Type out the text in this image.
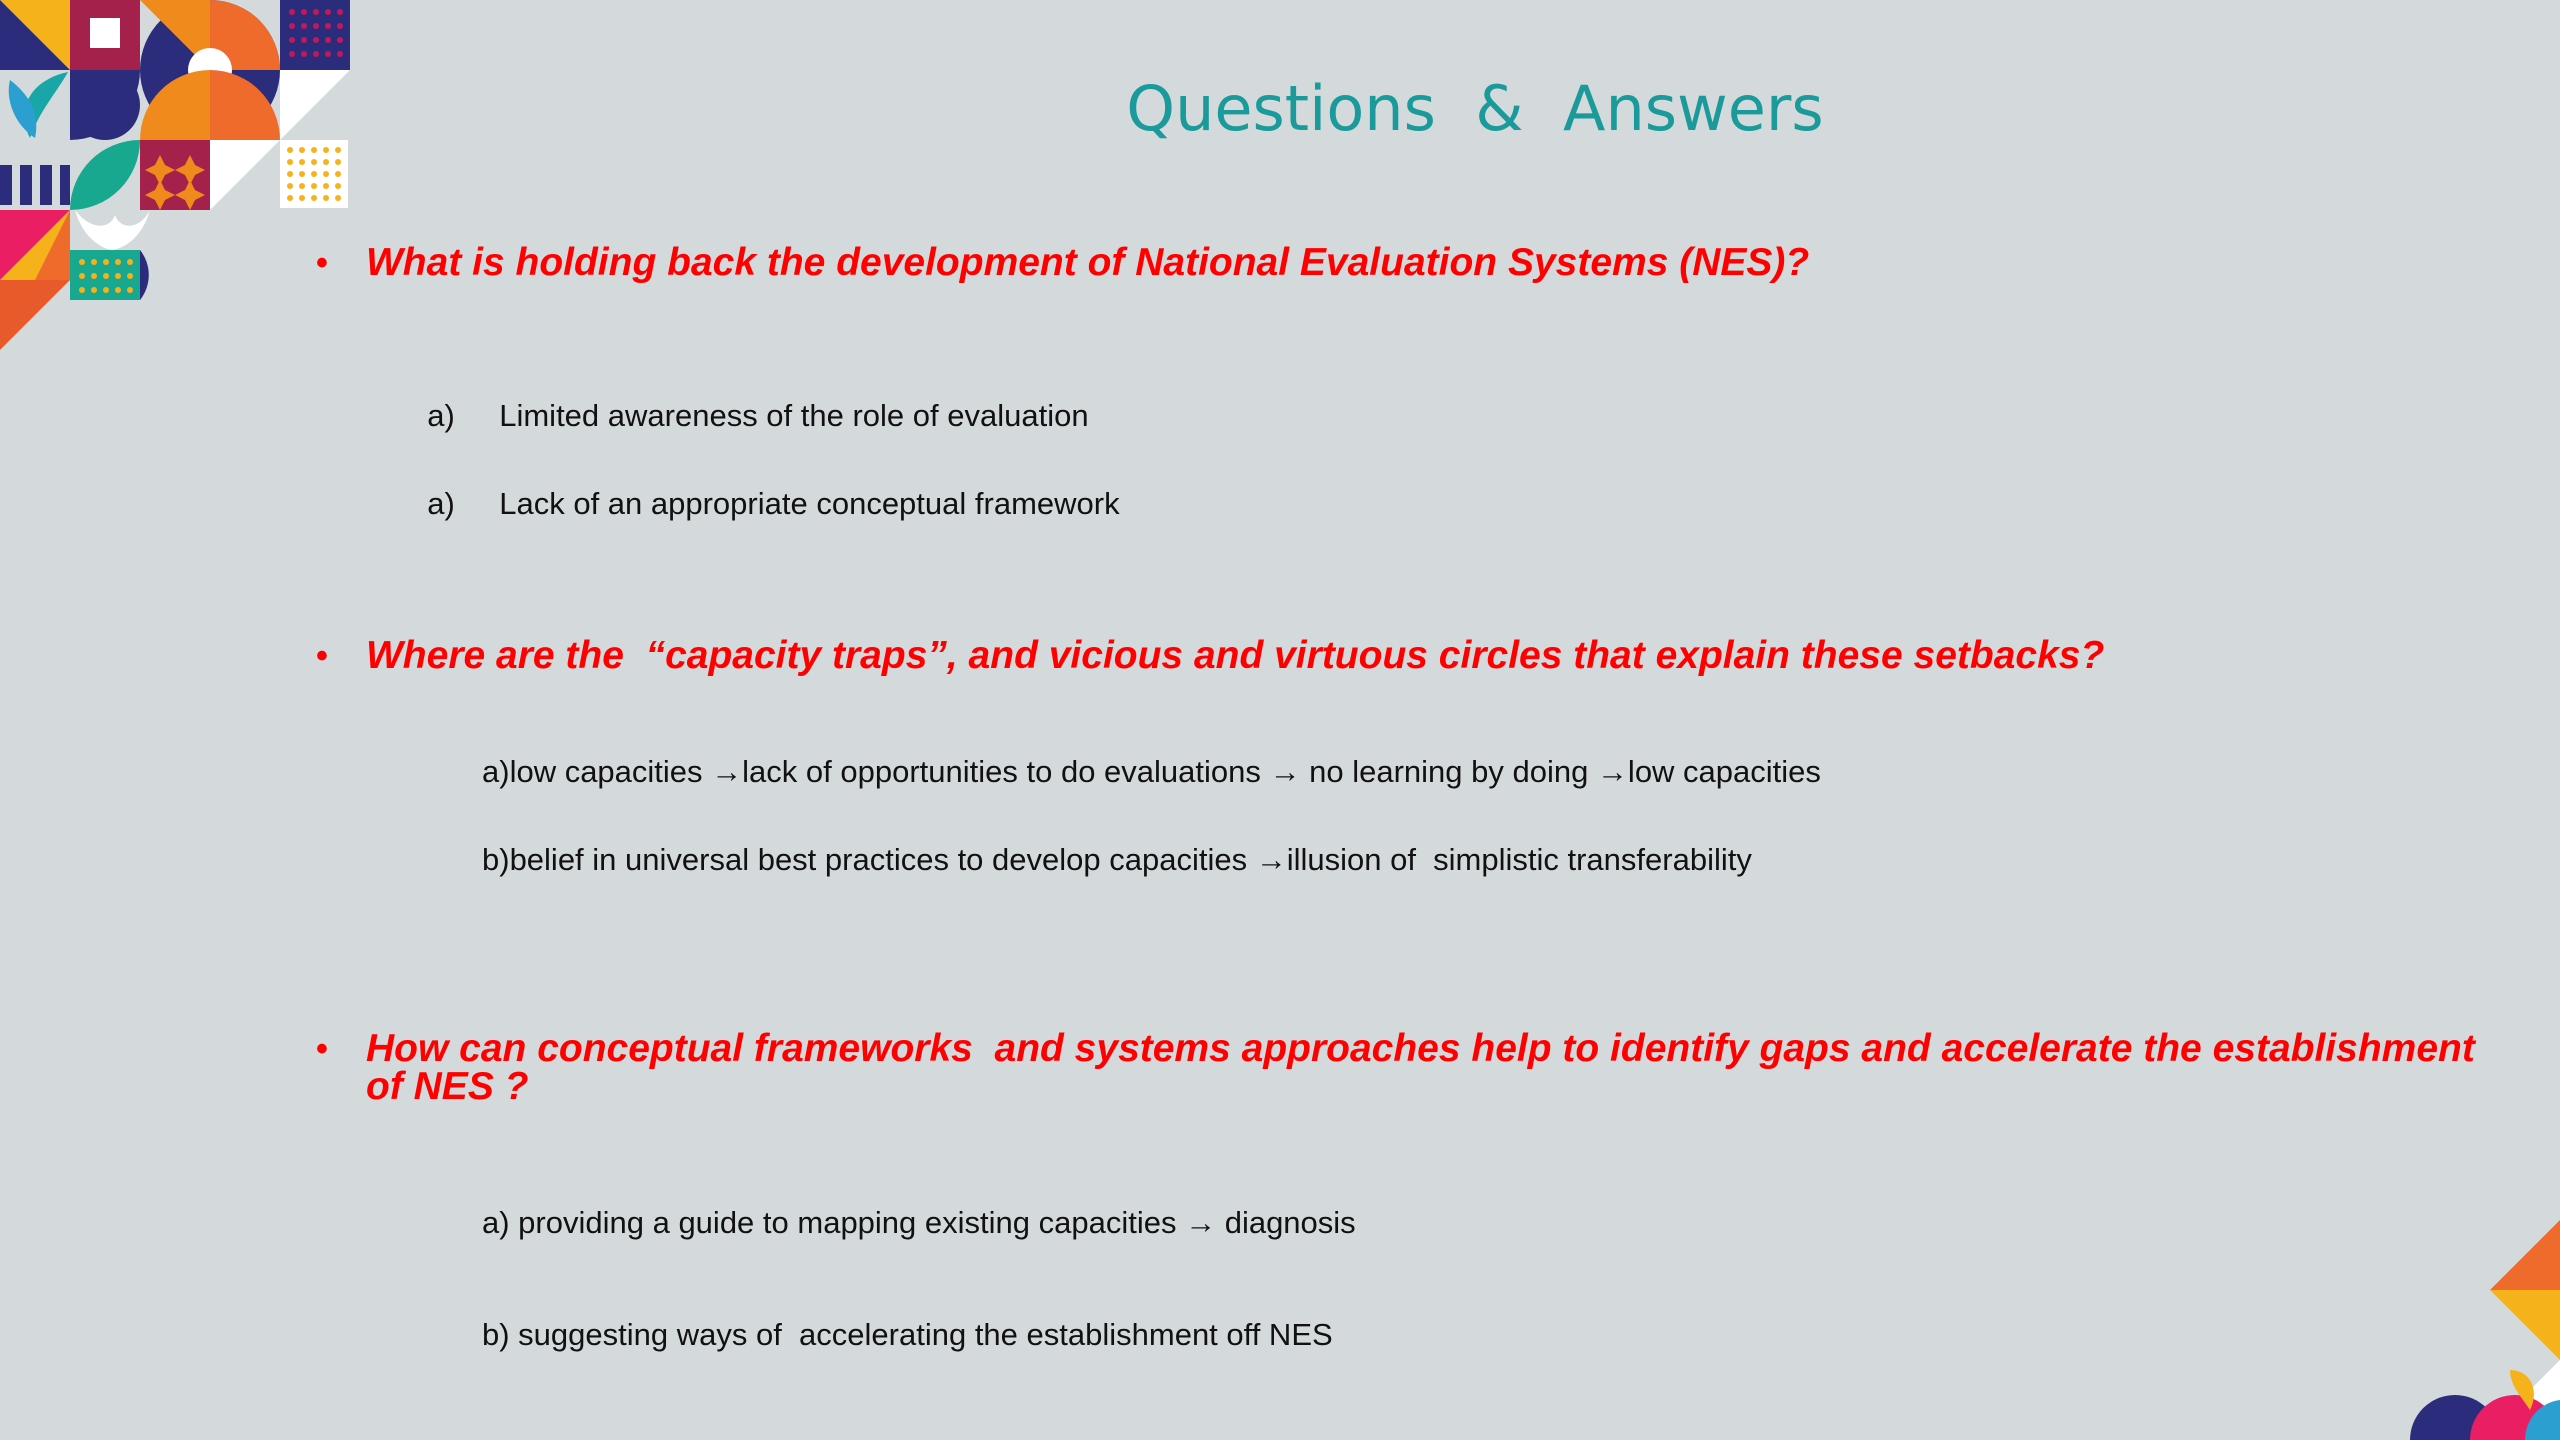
Questions  &  Answers
• What is holding back the development of National Evaluation Systems (NES)?

a) Limited awareness of the role of evaluation

a) Lack of an appropriate conceptual framework

• Where are the  “capacity traps”, and vicious and virtuous circles that explain these setbacks?
a)low capacities →lack of opportunities to do evaluations → no learning by doing →low capacities
b)belief in universal best practices to develop capacities →illusion of  simplistic transferability
• How can conceptual frameworks  and systems approaches help to identify gaps and accelerate the establishment of NES ?
a) providing a guide to mapping existing capacities → diagnosis
b) suggesting ways of  accelerating the establishment off NES
